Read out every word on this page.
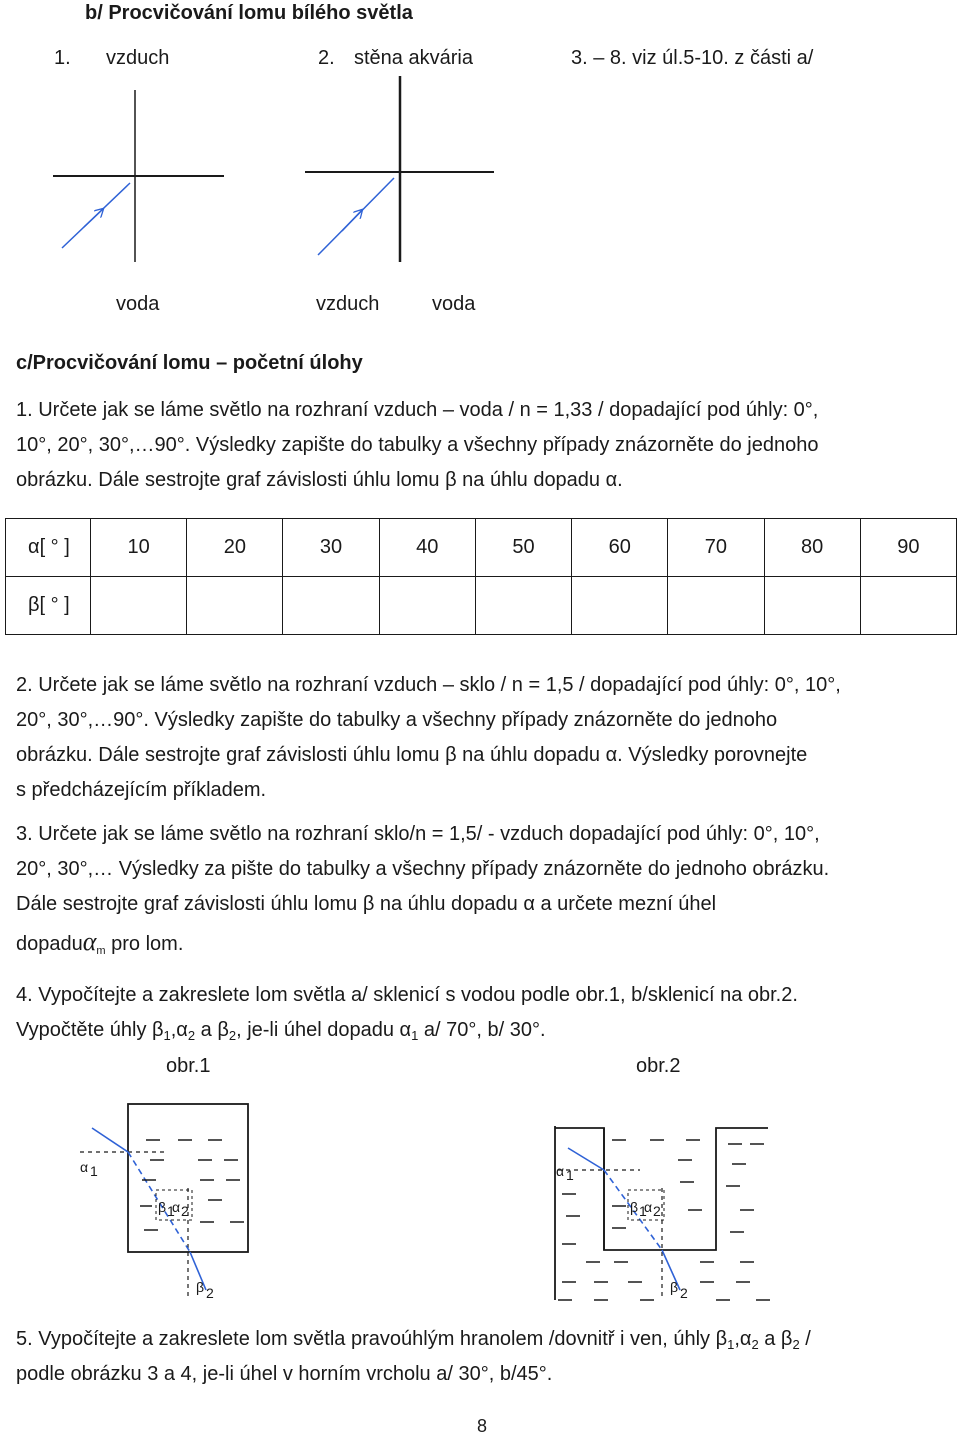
b/ Procvičování lomu bílého světla
1. vzduch	2. stěna akvária	3. – 8. viz úl.5-10. z části a/
voda	vzduch	voda
c/Procvičování lomu – početní úlohy
1. Určete jak se láme světlo na rozhraní vzduch – voda / n = 1,33 / dopadající pod úhly: 0°,
10°, 20°, 30°,…90°. Výsledky zapište do tabulky a všechny případy znázorněte do jednoho
obrázku. Dále sestrojte graf závislosti úhlu lomu β na úhlu dopadu α.
α[ ° ]	10	20	30	40	50	60	70	80	90
β[ ° ]									
2. Určete jak se láme světlo na rozhraní vzduch – sklo / n = 1,5 / dopadající pod úhly: 0°, 10°,
20°, 30°,…90°. Výsledky zapište do tabulky a všechny případy znázorněte do jednoho
obrázku. Dále sestrojte graf závislosti úhlu lomu β na úhlu dopadu α. Výsledky porovnejte
s předcházejícím příkladem.
3. Určete jak se láme světlo na rozhraní sklo/n = 1,5/ - vzduch dopadající pod úhly: 0°, 10°,
20°, 30°,… Výsledky za pište do tabulky a všechny případy znázorněte do jednoho obrázku.
Dále sestrojte graf závislosti úhlu lomu β na úhlu dopadu α a určete mezní úhel
dopaduα$_m$ pro lom.
4. Vypočítejte a zakreslete lom světla a/ sklenicí s vodou podle obr.1, b/sklenicí na obr.2.
Vypočtěte úhly $\beta_1,\alpha_2$ a $\beta_2$, je-li úhel dopadu $\alpha_1$ a/ 70°, b/ 30°.
obr.1	obr.2
α 1
β 1
α 2
β 2
α 1
β 1
α 2
β 2
5. Vypočítejte a zakreslete lom světla pravoúhlým hranolem /dovnitř i ven, úhly $\beta_1,\alpha_2$ a $\beta_2$ /
podle obrázku 3 a 4, je-li úhel v horním vrcholu a/ 30°, b/45°.
8
